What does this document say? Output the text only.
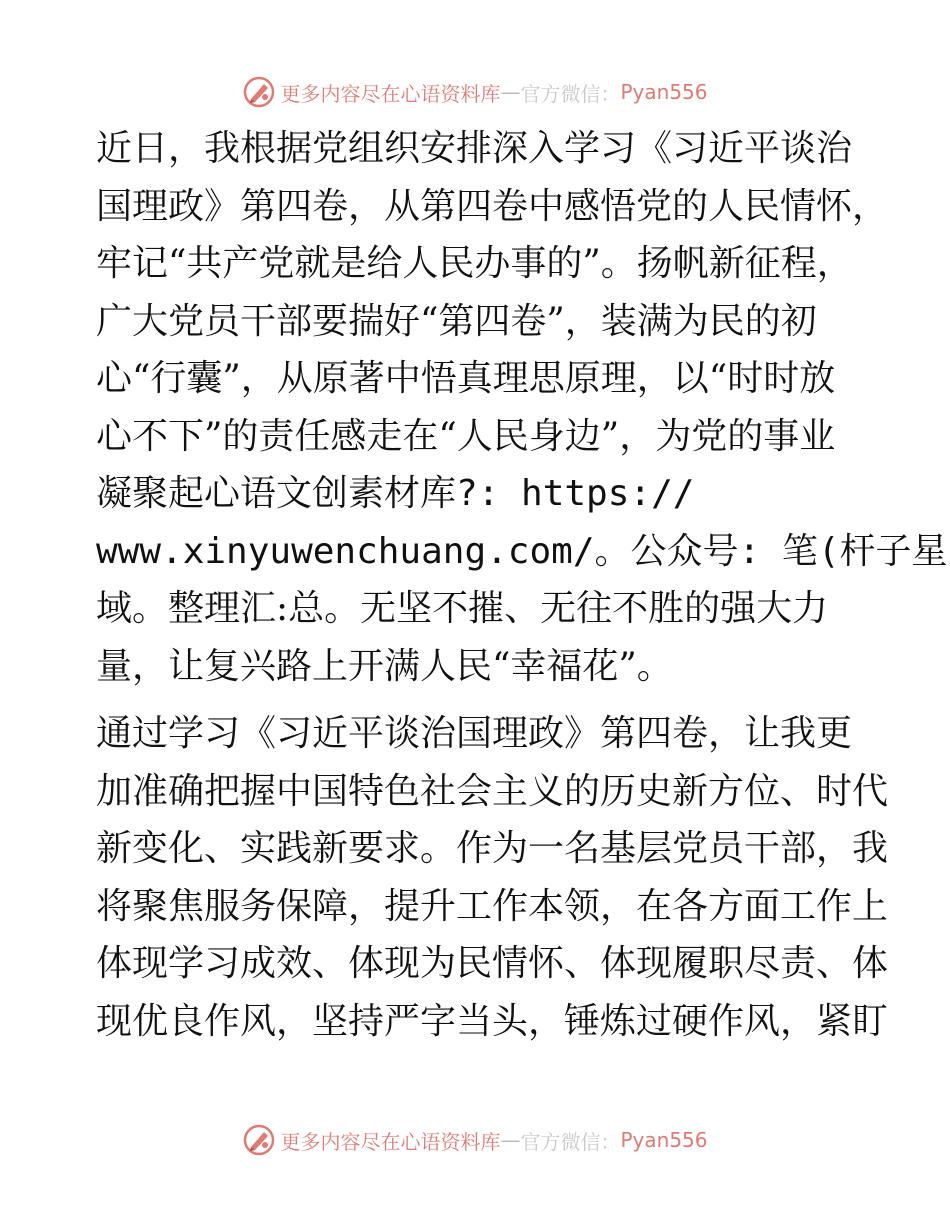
更多内容尽在心语资料库 — 官方微信： Pyan556
近日，我根据党组织安排深入学习《习近平谈治
国理政》第四卷，从第四卷中感悟党的人民情怀，
牢记“共产党就是给人民办事的”。扬帆新征程，
广大党员干部要揣好“第四卷”，装满为民的初
心“行囊”，从原著中悟真理思原理，以“时时放
心不下”的责任感走在“人民身边”，为党的事业
凝聚起心语文创素材库?: https://
www.xinyuwenchuang.com/。公众号: 笔(杆子星
域。整理汇:总。无坚不摧、无往不胜的强大力
量，让复兴路上开满人民“幸福花”。
通过学习《习近平谈治国理政》第四卷，让我更
加准确把握中国特色社会主义的历史新方位、时代
新变化、实践新要求。作为一名基层党员干部，我
将聚焦服务保障，提升工作本领，在各方面工作上
体现学习成效、体现为民情怀、体现履职尽责、体
现优良作风，坚持严字当头，锤炼过硬作风，紧盯
更多内容尽在心语资料库 — 官方微信： Pyan556
